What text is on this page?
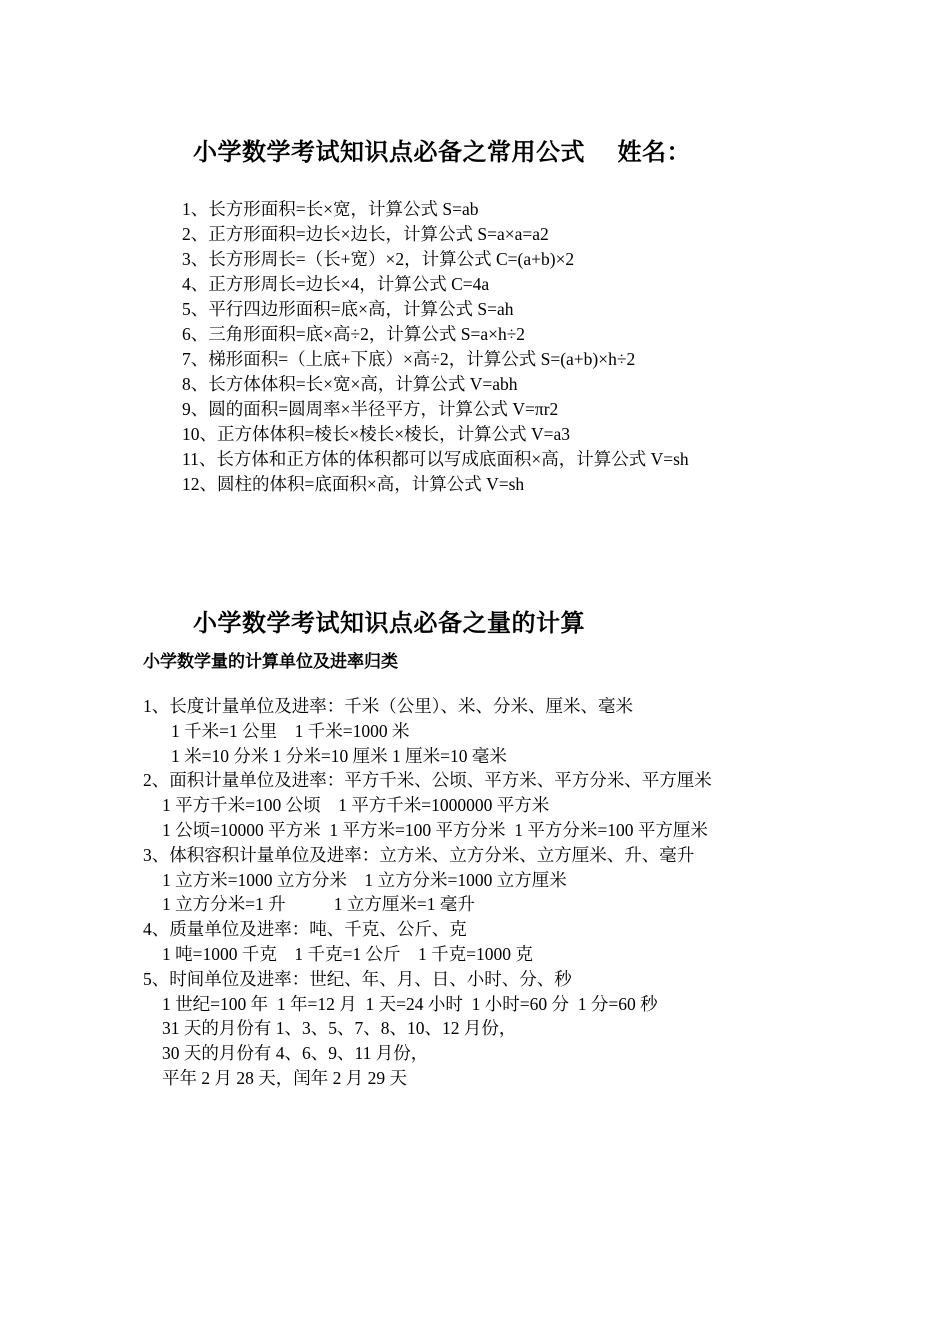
小学数学考试知识点必备之常用公式     姓名：
1、长方形面积=长×宽，计算公式 S=ab
2、正方形面积=边长×边长，计算公式 S=a×a=a2
3、长方形周长=（长+宽）×2，计算公式 C=(a+b)×2
4、正方形周长=边长×4，计算公式 C=4a
5、平行四边形面积=底×高，计算公式 S=ah
6、三角形面积=底×高÷2，计算公式 S=a×h÷2
7、梯形面积=（上底+下底）×高÷2，计算公式 S=(a+b)×h÷2
8、长方体体积=长×宽×高，计算公式 V=abh
9、圆的面积=圆周率×半径平方，计算公式 V=πr2
10、正方体体积=棱长×棱长×棱长，计算公式 V=a3
11、长方体和正方体的体积都可以写成底面积×高，计算公式 V=sh
12、圆柱的体积=底面积×高，计算公式 V=sh
小学数学考试知识点必备之量的计算
小学数学量的计算单位及进率归类
1、长度计量单位及进率：千米（公里）、米、分米、厘米、毫米
1 千米=1 公里    1 千米=1000 米
1 米=10 分米 1 分米=10 厘米 1 厘米=10 毫米
2、面积计量单位及进率：平方千米、公顷、平方米、平方分米、平方厘米
1 平方千米=100 公顷    1 平方千米=1000000 平方米
1 公顷=10000 平方米  1 平方米=100 平方分米  1 平方分米=100 平方厘米
3、体积容积计量单位及进率：立方米、立方分米、立方厘米、升、毫升
1 立方米=1000 立方分米    1 立方分米=1000 立方厘米
1 立方分米=1 升           1 立方厘米=1 毫升
4、质量单位及进率：吨、千克、公斤、克
1 吨=1000 千克    1 千克=1 公斤    1 千克=1000 克
5、时间单位及进率：世纪、年、月、日、小时、分、秒
1 世纪=100 年  1 年=12 月  1 天=24 小时  1 小时=60 分  1 分=60 秒
31 天的月份有 1、3、5、7、8、10、12 月份，
30 天的月份有 4、6、9、11 月份，
平年 2 月 28 天，闰年 2 月 29 天
